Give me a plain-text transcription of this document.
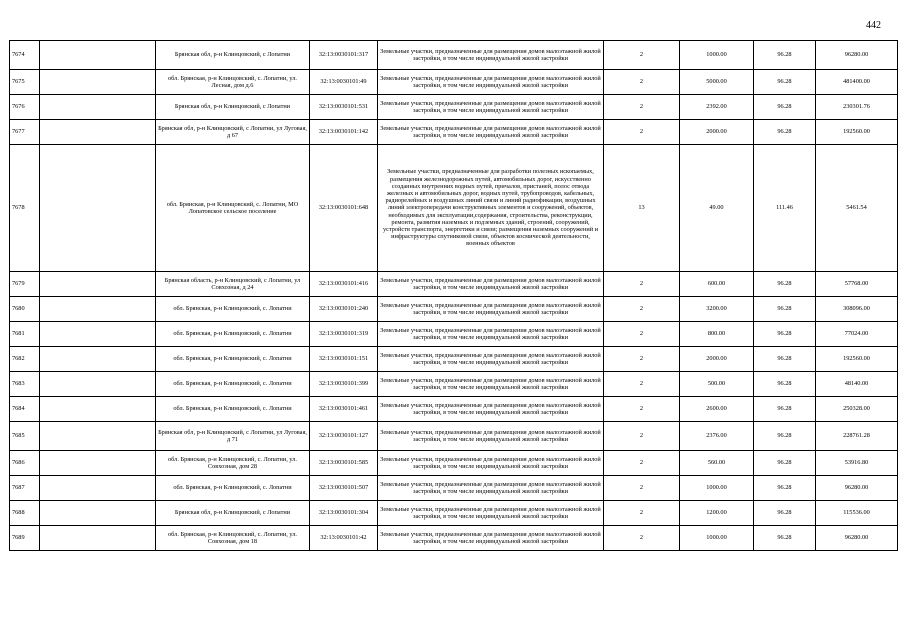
442
7674		Брянская обл, р-н Клинцовский, с Лопатни	32:13:0030101:317	Земельные участки, предназначенные для размещения домов малоэтажной жилой застройки, в том числе индивидуальной жилой застройки	2	1000.00	96.28	96280.00
7675		обл. Брянская, р-н Клинцовский, с. Лопатни, ул. Лесная, дом д.6	32:13:0030101:49	Земельные участки, предназначенные для размещения домов малоэтажной жилой застройки, в том числе индивидуальной жилой застройки	2	5000.00	96.28	481400.00
7676		Брянская обл, р-н Клинцовский, с Лопатни	32:13:0030101:531	Земельные участки, предназначенные для размещения домов малоэтажной жилой застройки, в том числе индивидуальной жилой застройки	2	2392.00	96.28	230301.76
7677		Брянская обл, р-н Клинцовский, с Лопатни, ул Луговая, д 67	32:13:0030101:142	Земельные участки, предназначенные для размещения домов малоэтажной жилой застройки, в том числе индивидуальной жилой застройки	2	2000.00	96.28	192560.00
7678		обл. Брянская, р-н Клинцовский, с. Лопатни, МО Лопатовское сельское поселение	32:13:0030101:648	Земельные участки, предназначенные для разработки полезных ископаемых, размещения железнодорожных путей, автомобильных дорог, искусственно созданных внутренних водных путей, причалов, пристаней, полос отвода железных и автомобильных дорог, водных путей, трубопроводов, кабельных, радиорелейных и воздушных линий связи и линий радиофикации, воздушных линий электропередачи конструктивных элементов и сооружений, объектов, необходимых для эксплуатации,содержания, строительства, реконструкции, ремонта, развития наземных и подземных зданий, строений, сооружений, устройств транспорта, энергетики и связи; размещения наземных сооружений и инфраструктуры спутниковой связи, объектов космической деятельности, военных объектов	13	49.00	111.46	5461.54
7679		Брянская область, р-н Клинцовский, с Лопатни, ул Совхозная, д 24	32:13:0030101:416	Земельные участки, предназначенные для размещения домов малоэтажной жилой застройки, в том числе индивидуальной жилой застройки	2	600.00	96.28	57768.00
7680		обл. Брянская, р-н Клинцовский, с. Лопатни	32:13:0030101:240	Земельные участки, предназначенные для размещения домов малоэтажной жилой застройки, в том числе индивидуальной жилой застройки	2	3200.00	96.28	308096.00
7681		обл. Брянская, р-н Клинцовский, с. Лопатни	32:13:0030101:319	Земельные участки, предназначенные для размещения домов малоэтажной жилой застройки, в том числе индивидуальной жилой застройки	2	800.00	96.28	77024.00
7682		обл. Брянская, р-н Клинцовский, с. Лопатни	32:13:0030101:151	Земельные участки, предназначенные для размещения домов малоэтажной жилой застройки, в том числе индивидуальной жилой застройки	2	2000.00	96.28	192560.00
7683		обл. Брянская, р-н Клинцовский, с. Лопатни	32:13:0030101:399	Земельные участки, предназначенные для размещения домов малоэтажной жилой застройки, в том числе индивидуальной жилой застройки	2	500.00	96.28	48140.00
7684		обл. Брянская, р-н Клинцовский, с. Лопатни	32:13:0030101:461	Земельные участки, предназначенные для размещения домов малоэтажной жилой застройки, в том числе индивидуальной жилой застройки	2	2600.00	96.28	250328.00
7685		Брянская обл, р-н Клинцовский, с Лопатни, ул Луговая, д 71	32:13:0030101:127	Земельные участки, предназначенные для размещения домов малоэтажной жилой застройки, в том числе индивидуальной жилой застройки	2	2376.00	96.28	228761.28
7686		обл. Брянская, р-н Клинцовский, с. Лопатни, ул. Совхозная, дом 28	32:13:0030101:585	Земельные участки, предназначенные для размещения домов малоэтажной жилой застройки, в том числе индивидуальной жилой застройки	2	560.00	96.28	53916.80
7687		обл. Брянская, р-н Клинцовский, с. Лопатни	32:13:0030101:507	Земельные участки, предназначенные для размещения домов малоэтажной жилой застройки, в том числе индивидуальной жилой застройки	2	1000.00	96.28	96280.00
7688		Брянская обл, р-н Клинцовский, с Лопатни	32:13:0030101:304	Земельные участки, предназначенные для размещения домов малоэтажной жилой застройки, в том числе индивидуальной жилой застройки	2	1200.00	96.28	115536.00
7689		обл. Брянская, р-н Клинцовский, с. Лопатни, ул. Совхозная, дом 18	32:13:0030101:42	Земельные участки, предназначенные для размещения домов малоэтажной жилой застройки, в том числе индивидуальной жилой застройки	2	1000.00	96.28	96280.00
